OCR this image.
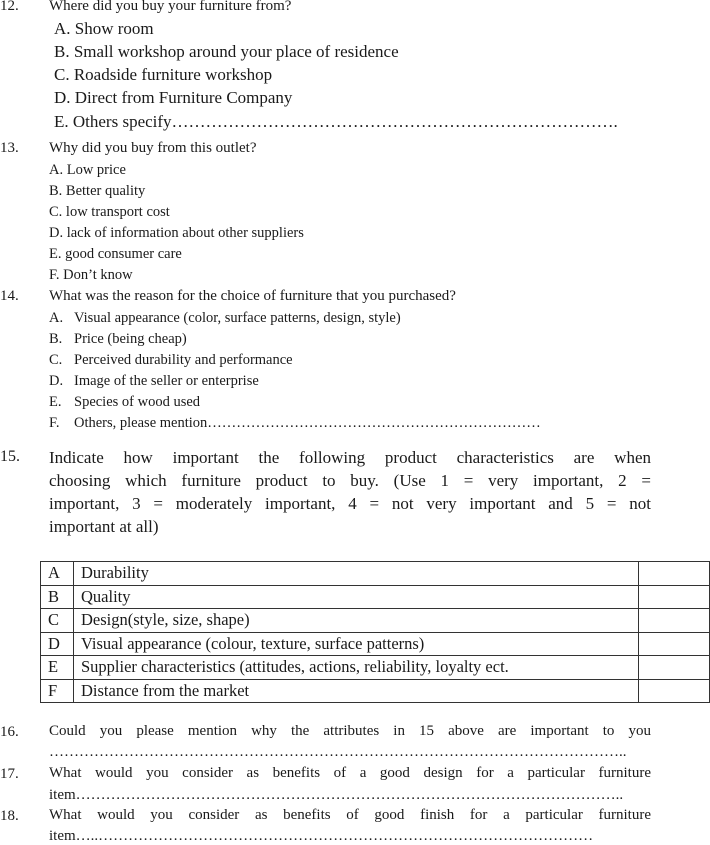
12. Where did you buy your furniture from?
A. Show room
B. Small workshop around your place of residence
C. Roadside furniture workshop
D. Direct from Furniture Company
E. Others specify…………………………………………………………………….
13. Why did you buy from this outlet?
A. Low price
B. Better quality
C. low transport cost
D. lack of information about other suppliers
E. good consumer care
F. Don’t know
14. What was the reason for the choice of furniture that you purchased?
A. Visual appearance (color, surface patterns, design, style)
B. Price (being cheap)
C. Perceived durability and performance
D. Image of the seller or enterprise
E. Species of wood used
F. Others, please mention……………………………………………………………
15. Indicate how important the following product characteristics are when
choosing which furniture product to buy. (Use 1 = very important, 2 =
important, 3 = moderately important, 4 = not very important and 5 = not
important at all)
A	Durability	
B	Quality	
C	Design(style, size, shape)	
D	Visual appearance (colour, texture, surface patterns)	
E	Supplier characteristics (attitudes, actions, reliability, loyalty ect.	
F	Distance from the market	
16. Could you please mention why the attributes in 15 above are important to you
……………………………………………………………………………………………………..
17. What would you consider as benefits of a good design for a particular furniture
item………………………………………………………………………………………………..
18. What would you consider as benefits of good finish for a particular furniture
item…..………………………………………………………………………………………
